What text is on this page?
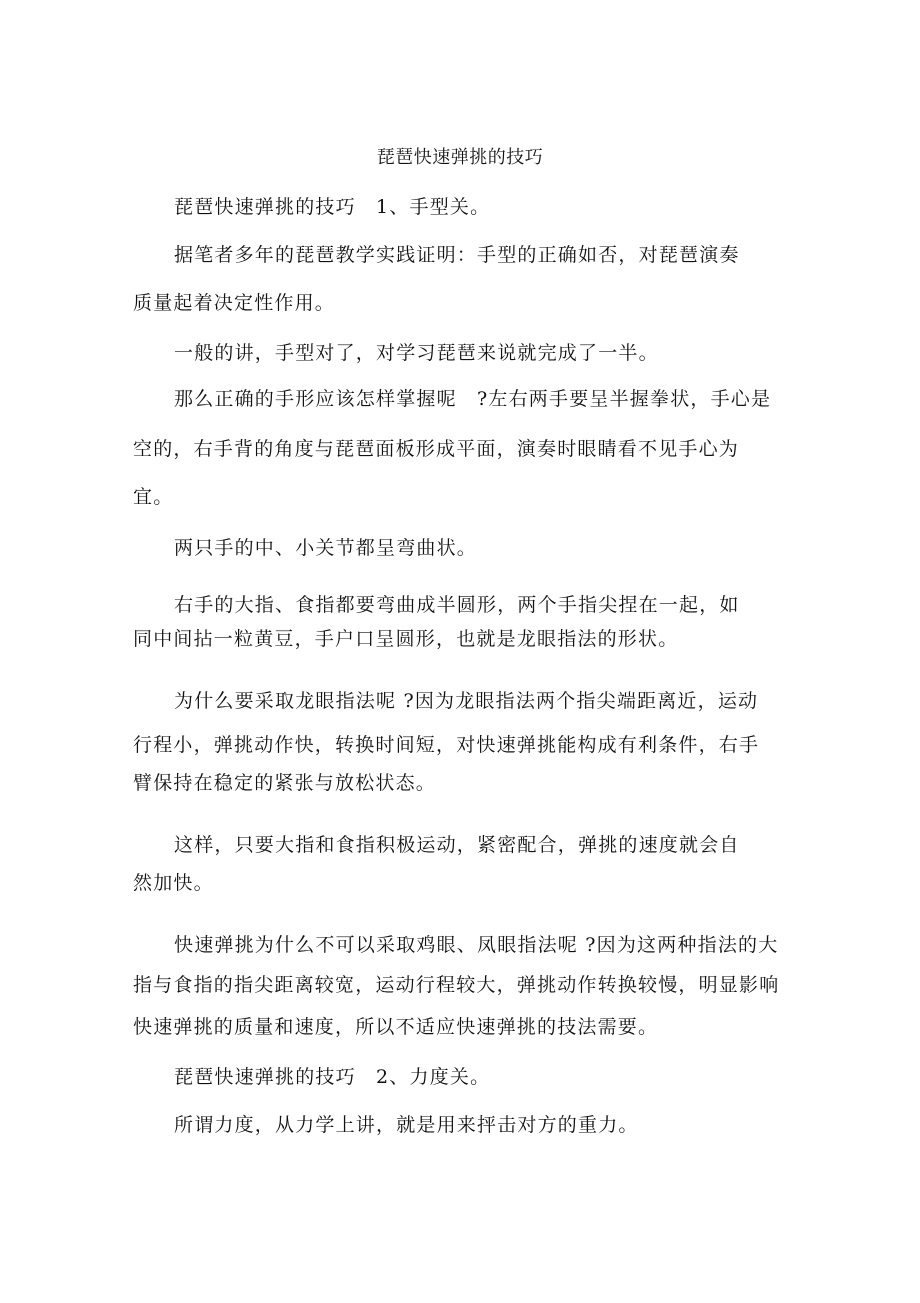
琵琶快速弹挑的技巧
琵琶快速弹挑的技巧　1、手型关。
据笔者多年的琵琶教学实践证明：手型的正确如否，对琵琶演奏
质量起着决定性作用。
一般的讲，手型对了，对学习琵琶来说就完成了一半。
那么正确的手形应该怎样掌握呢　?左右两手要呈半握拳状，手心是
空的，右手背的角度与琵琶面板形成平面，演奏时眼睛看不见手心为
宜。
两只手的中、小关节都呈弯曲状。
右手的大指、食指都要弯曲成半圆形，两个手指尖捏在一起，如
同中间拈一粒黄豆，手户口呈圆形，也就是龙眼指法的形状。
为什么要采取龙眼指法呢 ?因为龙眼指法两个指尖端距离近，运动
行程小，弹挑动作快，转换时间短，对快速弹挑能构成有利条件，右手
臂保持在稳定的紧张与放松状态。
这样，只要大指和食指积极运动，紧密配合，弹挑的速度就会自
然加快。
快速弹挑为什么不可以采取鸡眼、凤眼指法呢 ?因为这两种指法的大
指与食指的指尖距离较宽，运动行程较大，弹挑动作转换较慢，明显影响
快速弹挑的质量和速度，所以不适应快速弹挑的技法需要。
琵琶快速弹挑的技巧　2、力度关。
所谓力度，从力学上讲，就是用来抨击对方的重力。
